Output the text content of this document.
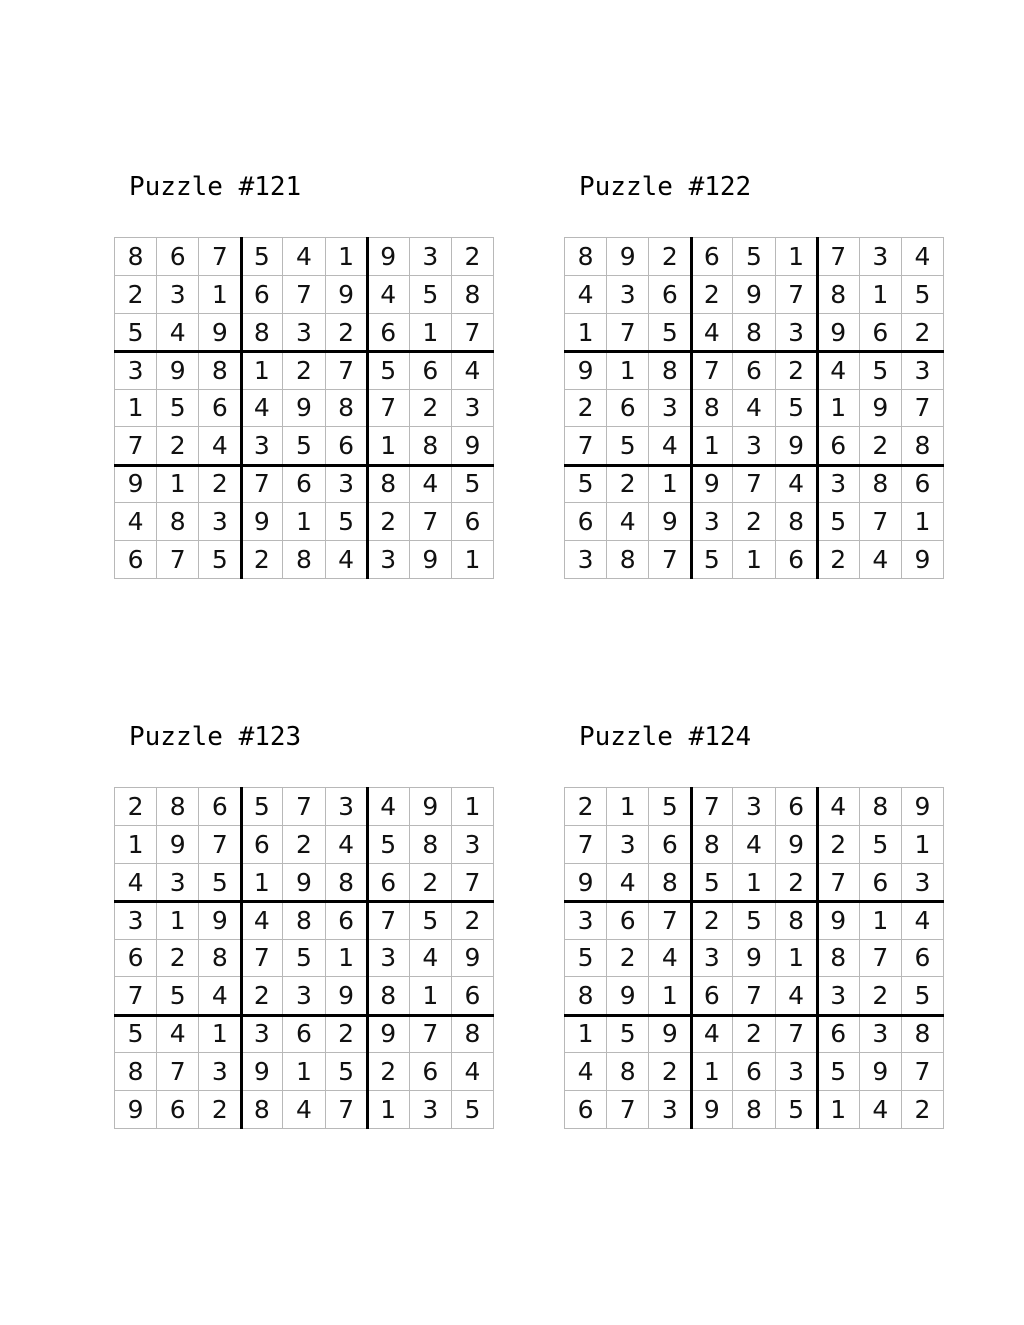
Puzzle #121
8	6	7	5	4	1	9	3	2
2	3	1	6	7	9	4	5	8
5	4	9	8	3	2	6	1	7
3	9	8	1	2	7	5	6	4
1	5	6	4	9	8	7	2	3
7	2	4	3	5	6	1	8	9
9	1	2	7	6	3	8	4	5
4	8	3	9	1	5	2	7	6
6	7	5	2	8	4	3	9	1
Puzzle #122
8	9	2	6	5	1	7	3	4
4	3	6	2	9	7	8	1	5
1	7	5	4	8	3	9	6	2
9	1	8	7	6	2	4	5	3
2	6	3	8	4	5	1	9	7
7	5	4	1	3	9	6	2	8
5	2	1	9	7	4	3	8	6
6	4	9	3	2	8	5	7	1
3	8	7	5	1	6	2	4	9
Puzzle #123
2	8	6	5	7	3	4	9	1
1	9	7	6	2	4	5	8	3
4	3	5	1	9	8	6	2	7
3	1	9	4	8	6	7	5	2
6	2	8	7	5	1	3	4	9
7	5	4	2	3	9	8	1	6
5	4	1	3	6	2	9	7	8
8	7	3	9	1	5	2	6	4
9	6	2	8	4	7	1	3	5
Puzzle #124
2	1	5	7	3	6	4	8	9
7	3	6	8	4	9	2	5	1
9	4	8	5	1	2	7	6	3
3	6	7	2	5	8	9	1	4
5	2	4	3	9	1	8	7	6
8	9	1	6	7	4	3	2	5
1	5	9	4	2	7	6	3	8
4	8	2	1	6	3	5	9	7
6	7	3	9	8	5	1	4	2
